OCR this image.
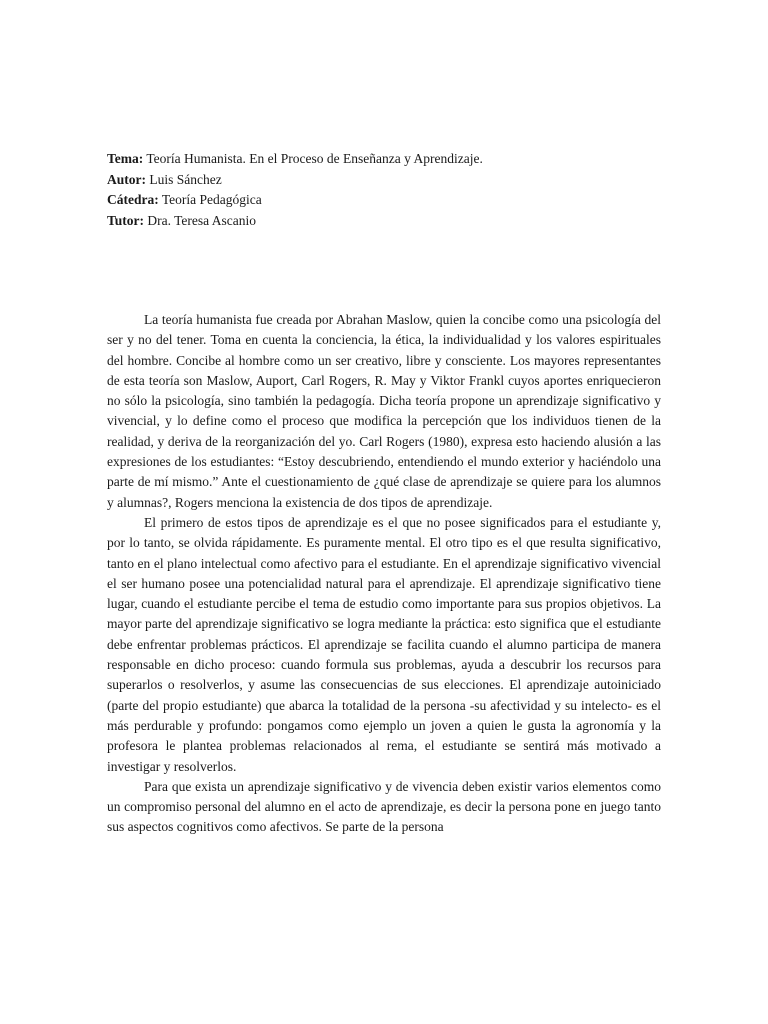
Tema: Teoría Humanista. En el Proceso de Enseñanza y Aprendizaje.
Autor: Luis Sánchez
Cátedra: Teoría Pedagógica
Tutor: Dra. Teresa Ascanio

La teoría humanista fue creada por Abrahan Maslow, quien la concibe como una psicología del ser y no del tener. Toma en cuenta la conciencia, la ética, la individualidad y los valores espirituales del hombre. Concibe al hombre como un ser creativo, libre y consciente. Los mayores representantes de esta teoría son Maslow, Auport, Carl Rogers, R. May y Viktor Frankl cuyos aportes enriquecieron no sólo la psicología, sino también la pedagogía. Dicha teoría propone un aprendizaje significativo y vivencial, y lo define como el proceso que modifica la percepción que los individuos tienen de la realidad, y deriva de la reorganización del yo. Carl Rogers (1980), expresa esto haciendo alusión a las expresiones de los estudiantes: “Estoy descubriendo, entendiendo el mundo exterior y haciéndolo una parte de mí mismo.” Ante el cuestionamiento de ¿qué clase de aprendizaje se quiere para los alumnos y alumnas?, Rogers menciona la existencia de dos tipos de aprendizaje.

El primero de estos tipos de aprendizaje es el que no posee significados para el estudiante y, por lo tanto, se olvida rápidamente. Es puramente mental. El otro tipo es el que resulta significativo, tanto en el plano intelectual como afectivo para el estudiante. En el aprendizaje significativo vivencial el ser humano posee una potencialidad natural para el aprendizaje. El aprendizaje significativo tiene lugar, cuando el estudiante percibe el tema de estudio como importante para sus propios objetivos. La mayor parte del aprendizaje significativo se logra mediante la práctica: esto significa que el estudiante debe enfrentar problemas prácticos. El aprendizaje se facilita cuando el alumno participa de manera responsable en dicho proceso: cuando formula sus problemas, ayuda a descubrir los recursos para superarlos o resolverlos, y asume las consecuencias de sus elecciones. El aprendizaje autoiniciado (parte del propio estudiante) que abarca la totalidad de la persona -su afectividad y su intelecto- es el más perdurable y profundo: pongamos como ejemplo un joven a quien le gusta la agronomía y la profesora le plantea problemas relacionados al rema, el estudiante se sentirá más motivado a investigar y resolverlos.

Para que exista un aprendizaje significativo y de vivencia deben existir varios elementos como un compromiso personal del alumno en el acto de aprendizaje, es decir la persona pone en juego tanto sus aspectos cognitivos como afectivos. Se parte de la persona
